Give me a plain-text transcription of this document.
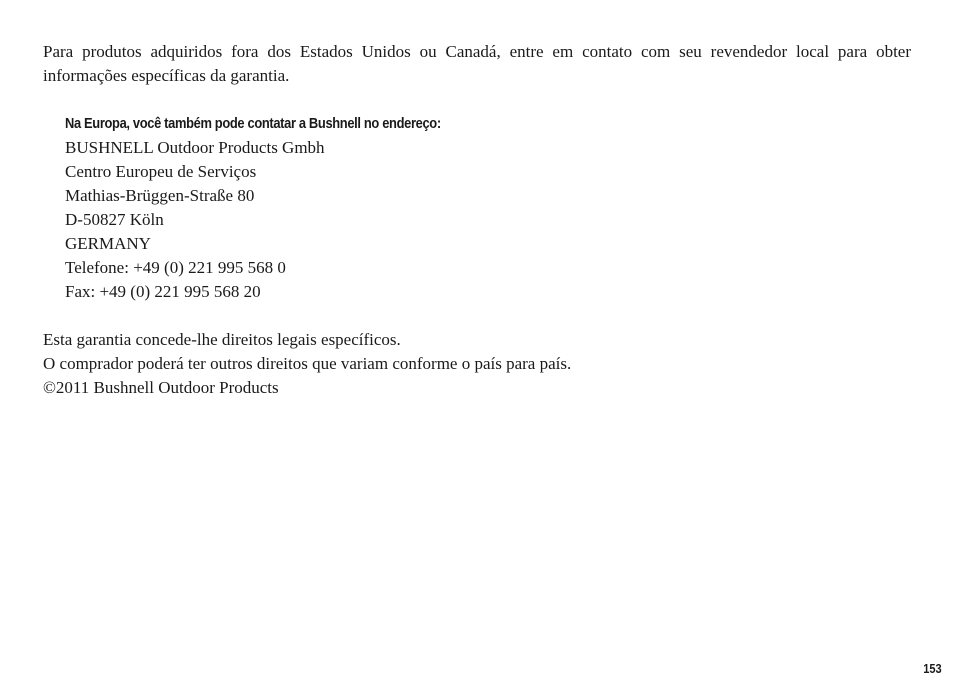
Para produtos adquiridos fora dos Estados Unidos ou Canadá, entre em contato com seu revendedor local para obter informações específicas da garantia.

Na Europa, você também pode contatar a Bushnell no endereço:

BUSHNELL Outdoor Products Gmbh
Centro Europeu de Serviços
Mathias-Brüggen-Straße 80
D-50827 Köln
GERMANY
Telefone: +49 (0) 221 995 568 0
Fax: +49 (0) 221 995 568 20
Esta garantia concede-lhe direitos legais específicos.
O comprador poderá ter outros direitos que variam conforme o país para país.
©2011 Bushnell Outdoor Products
153
